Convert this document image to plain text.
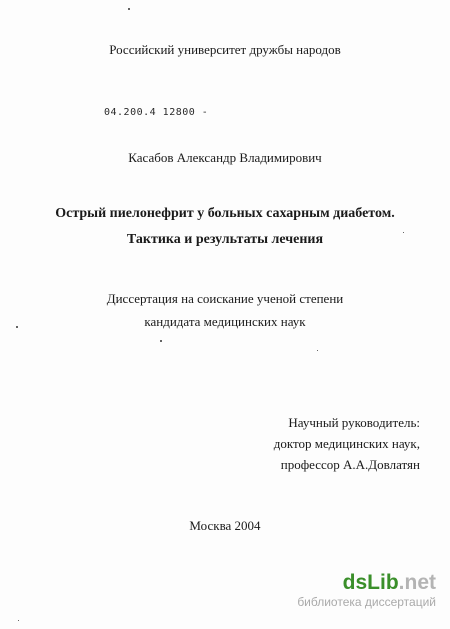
Российский университет дружбы народов
04.200.4 12800 -
Касабов Александр Владимирович
Острый пиелонефрит у больных сахарным диабетом.
Тактика и результаты лечения
Диссертация на соискание ученой степени
кандидата медицинских наук
Научный руководитель:
доктор медицинских наук,
профессор А.А.Довлатян
Москва 2004
dsLib.net
библиотека диссертаций
